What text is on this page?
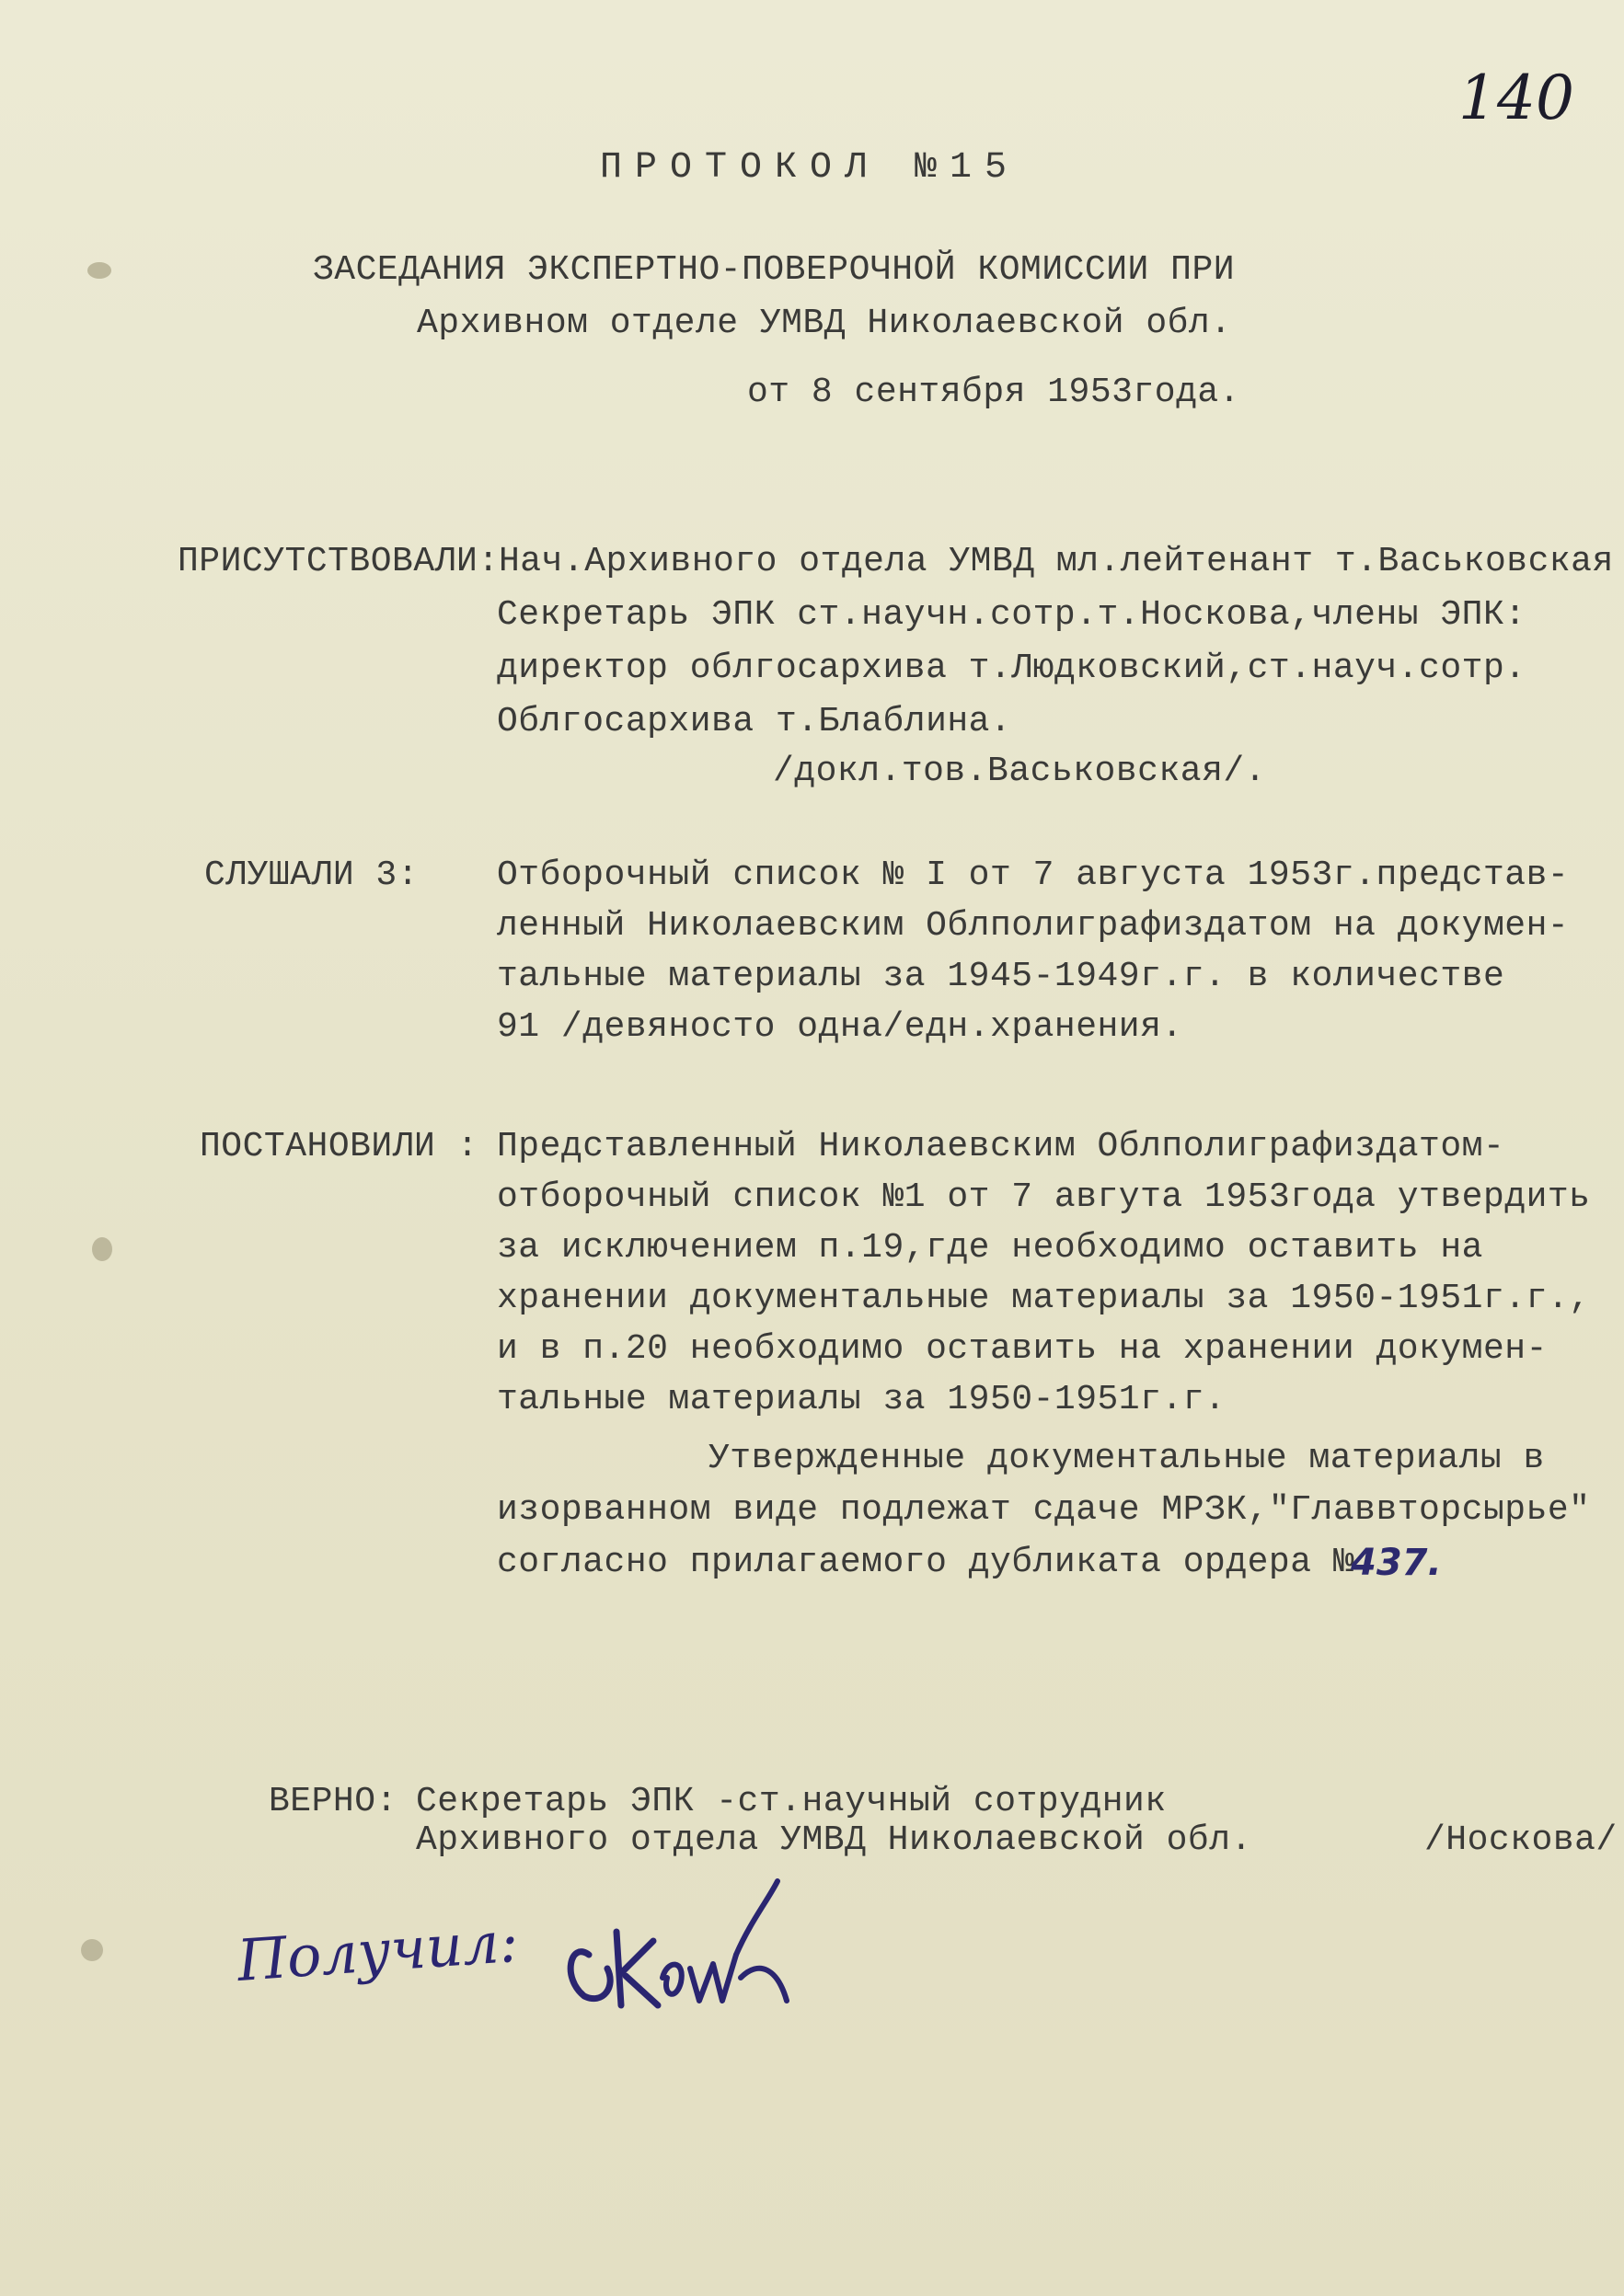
140
ПРОТОКОЛ №15
ЗАСЕДАНИЯ ЭКСПЕРТНО-ПОВЕРОЧНОЙ КОМИССИИ ПРИ
Архивном отделе УМВД Николаевской обл.
от 8 сентября 1953года.
ПРИСУТСТВОВАЛИ: Нач.Архивного отдела УМВД мл.лейтенант т.Васьковская
Секретарь ЭПК ст.научн.сотр.т.Носкова,члены ЭПК:
директор облгосархива т.Людковский,ст.науч.сотр.
Облгосархива т.Блаблина.
/докл.тов.Васьковская/.
СЛУШАЛИ 3: Отборочный список № I от 7 августа 1953г.представ-
ленный Николаевским Облполиграфиздатом на докумен-
тальные материалы за 1945-1949г.г. в количестве
91 /девяносто одна/едн.хранения.
ПОСТАНОВИЛИ : Представленный Николаевским Облполиграфиздатом-
отборочный список №1 от 7 авгута 1953года утвердить
за исключением п.19,где необходимо оставить на
хранении документальные материалы за 1950-1951г.г.,
и в п.20 необходимо оставить на хранении докумен-
тальные материалы за 1950-1951г.г.
Утвержденные документальные материалы в
изорванном виде подлежат сдаче МРЗК,"Главвторсырье"
согласно прилагаемого дубликата ордера №
437.
ВЕРНО: Секретарь ЭПК -ст.научный сотрудник
Архивного отдела УМВД Николаевской обл.	/Носкова/
Получил:
